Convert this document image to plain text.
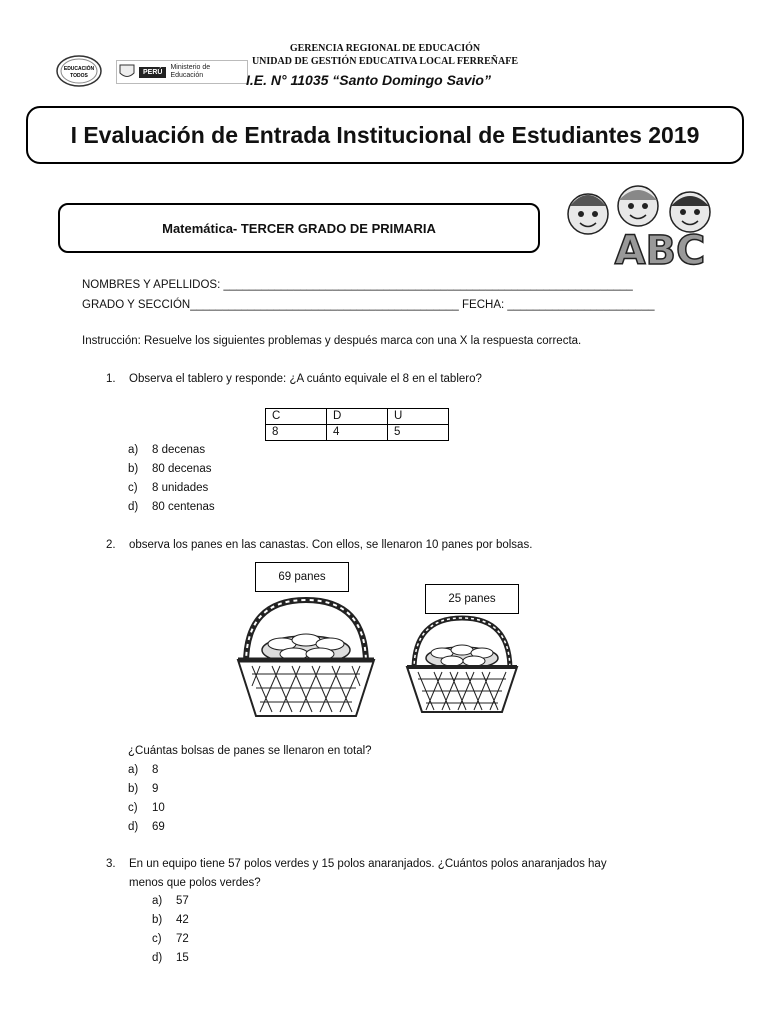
EDUCACIÓN
TODOS
PERÚ
Ministerio de Educación
GERENCIA REGIONAL DE EDUCACIÓN
UNIDAD DE GESTIÓN EDUCATIVA LOCAL FERREÑAFE
I.E. N° 11035 “Santo Domingo Savio”
I Evaluación de Entrada Institucional de Estudiantes 2019
Matemática- TERCER GRADO DE PRIMARIA	ABC
NOMBRES Y APELLIDOS: ________________________________________________________________
GRADO Y SECCIÓN__________________________________________ FECHA: _______________________
Instrucción: Resuelve los siguientes problemas y después marca con una X la respuesta correcta.
1. Observa el tablero y responde: ¿A cuánto equivale el 8 en el tablero?
C	D	U
8	4	5
a) 8 decenas
b) 80 decenas
c) 8 unidades
d) 80 centenas
2. observa los panes en las canastas. Con ellos, se llenaron 10 panes por bolsas.
69 panes
25 panes
¿Cuántas bolsas de panes se llenaron en total?
a) 8
b) 9
c) 10
d) 69
3. En un equipo tiene 57 polos verdes y 15 polos anaranjados. ¿Cuántos polos anaranjados hay
menos que polos verdes?
a) 57
b) 42
c) 72
d) 15
